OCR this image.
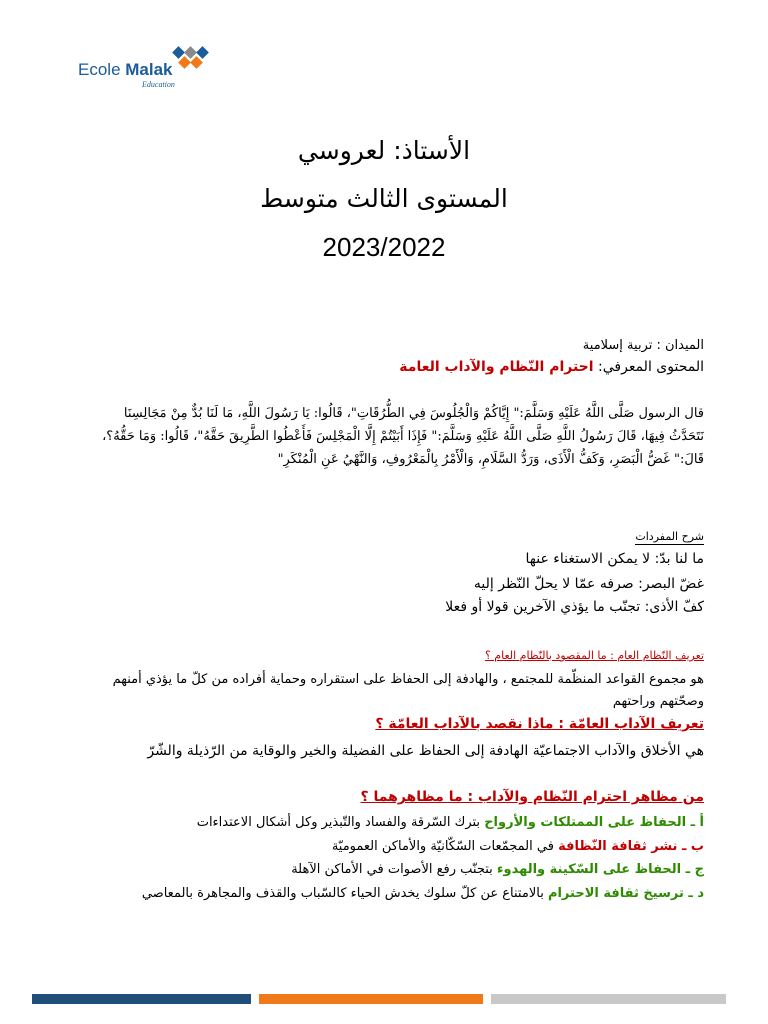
Ecole Malak
Education
الأستاذ: لعروسي
المستوى الثالث متوسط
2023/2022
الميدان : تربية إسلامية
المحتوى المعرفي: احترام النّظام والآداب العامة
قال الرسول صَلَّى اللَّهُ عَلَيْهِ وَسَلَّمَ:" إِيَّاكُمْ وَالْجُلُوسَ فِي الطُّرُقَاتِ"، قَالُوا: يَا رَسُولَ اللَّهِ، مَا لَنَا بُدٌّ مِنْ مَجَالِسِنَا نَتَحَدَّثُ فِيهَا، قَالَ رَسُولُ اللَّهِ صَلَّى اللَّهُ عَلَيْهِ وَسَلَّمَ:" فَإِذَا أَبَيْتُمْ إِلَّا الْمَجْلِسَ فَأَعْطُوا الطَّرِيقَ حَقَّهُ"، قَالُوا: وَمَا حَقُّهُ؟، قَالَ:" غَضُّ الْبَصَرِ، وَكَفُّ الْأَذَى، وَرَدُّ السَّلَامِ، وَالْأَمْرُ بِالْمَعْرُوفِ، وَالنَّهْيُ عَنِ الْمُنْكَرِ"
شرح المفردات
ما لنا بدّ: لا يمكن الاستغناء عنها
غضّ البصر: صرفه عمّا لا يحلّ النّظر إليه
كفّ الأذى: تجنّب ما يؤذي الآخرين قولا أو فعلا
تعريف النّظام العام : ما المقصود بالنّظام العام ؟
هو مجموع القواعد المنظّمة للمجتمع ، والهادفة إلى الحفاظ على استقراره وحماية أفراده من كلّ ما يؤذي أمنهم وصحّتهم وراحتهم
تعريف الآداب العامّة : ماذا نقصد بالآداب العامّة ؟
هي الأخلاق والآداب الاجتماعيّة الهادفة إلى الحفاظ على الفضيلة والخير والوقاية من الرّذيلة والشّرّ
من مظاهر احترام النّظام والآداب : ما مظاهرهما ؟
أ ـ الحفاظ على الممتلكات والأرواح بترك السّرقة والفساد والتّبذير وكل أشكال الاعتداءات
ب ـ نشر ثقافة النّظافة في المجمّعات السّكّانيّة والأماكن العموميّة
ج ـ الحفاظ على السّكينة والهدوء بتجنّب رفع الأصوات في الأماكن الآهلة
د ـ ترسيخ ثقافة الاحترام بالامتناع عن كلّ سلوك يخدش الحياء كالسّباب والقذف والمجاهرة بالمعاصي
